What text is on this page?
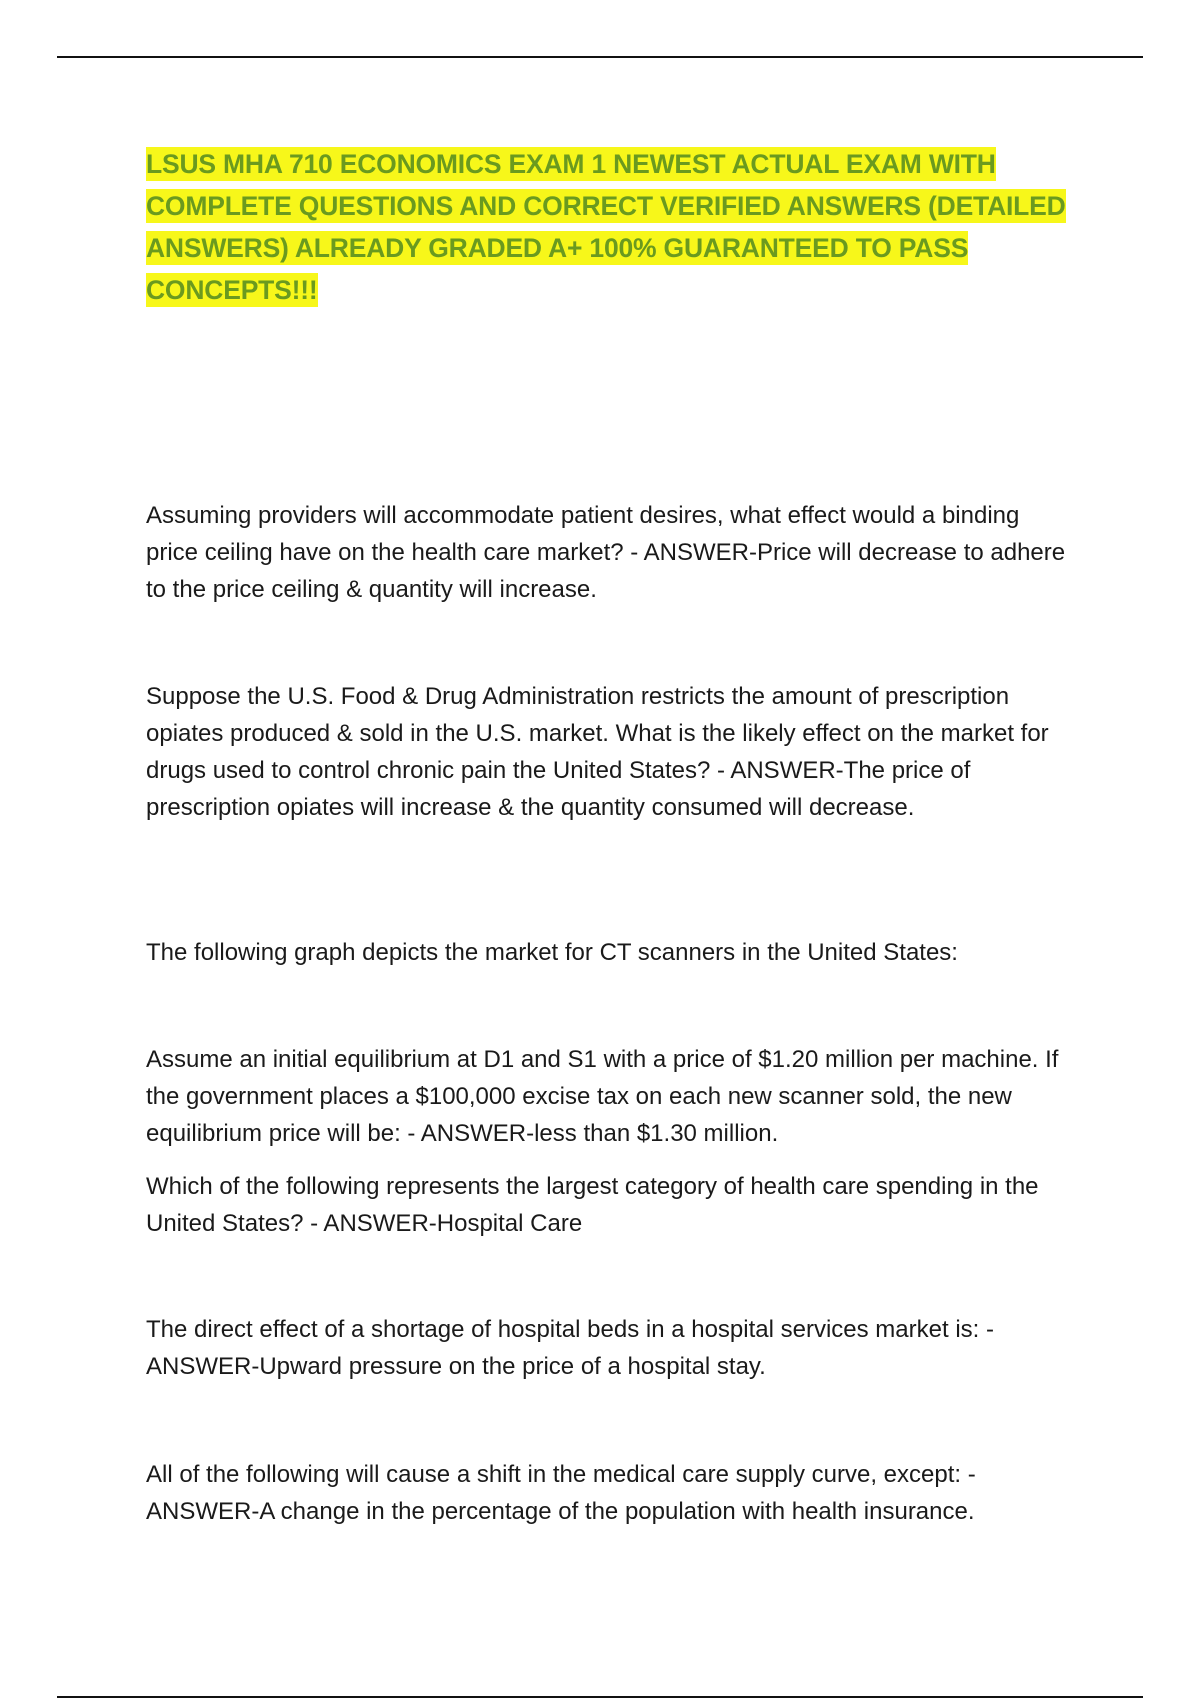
LSUS MHA 710 ECONOMICS EXAM 1 NEWEST ACTUAL EXAM WITH COMPLETE QUESTIONS AND CORRECT VERIFIED ANSWERS (DETAILED ANSWERS) ALREADY GRADED A+ 100% GUARANTEED TO PASS CONCEPTS!!!

Assuming providers will accommodate patient desires, what effect would a binding price ceiling have on the health care market? - ANSWER-Price will decrease to adhere to the price ceiling & quantity will increase.

Suppose the U.S. Food & Drug Administration restricts the amount of prescription opiates produced & sold in the U.S. market. What is the likely effect on the market for drugs used to control chronic pain the United States? - ANSWER-The price of prescription opiates will increase & the quantity consumed will decrease.

The following graph depicts the market for CT scanners in the United States:

Assume an initial equilibrium at D1 and S1 with a price of $1.20 million per machine. If the government places a $100,000 excise tax on each new scanner sold, the new equilibrium price will be: - ANSWER-less than $1.30 million.

Which of the following represents the largest category of health care spending in the United States? - ANSWER-Hospital Care

The direct effect of a shortage of hospital beds in a hospital services market is: - ANSWER-Upward pressure on the price of a hospital stay.

All of the following will cause a shift in the medical care supply curve, except: - ANSWER-A change in the percentage of the population with health insurance.
